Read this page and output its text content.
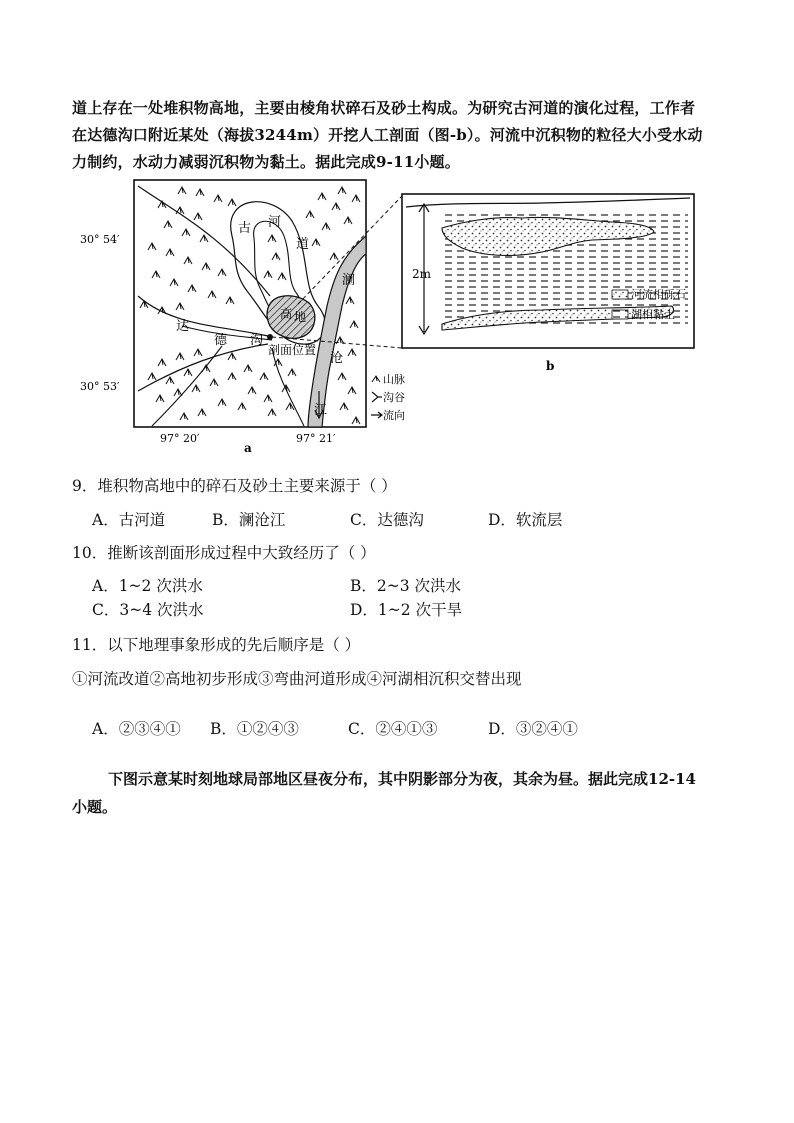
道上存在一处堆积物高地，主要由棱角状碎石及砂土构成。为研究古河道的演化过程，工作者

在达德沟口附近某处（海拔3244m）开挖人工剖面（图-b）。河流中沉积物的粒径大小受水动

力制约，水动力减弱沉积物为黏土。据此完成9-11小题。

30° 54′
30° 53′
97° 20′	97° 21′
a
高 地
剖面位置
河
古
道
达
德 沟
澜
沧
江
山脉
沟谷
流向
2m
河流相砾石
湖相黏土
b
9．堆积物高地中的碎石及砂土主要来源于（ ）
A．古河道	B．澜沧江	C．达德沟	D．软流层
10．推断该剖面形成过程中大致经历了（ ）
A．1~2 次洪水	B．2~3 次洪水
C．3~4 次洪水	D．1~2 次干旱
11．以下地理事象形成的先后顺序是（ ）
①河流改道②高地初步形成③弯曲河道形成④河湖相沉积交替出现
A．②③④① B．①②④③	C．②④①③	D．③②④①
下图示意某时刻地球局部地区昼夜分布，其中阴影部分为夜，其余为昼。据此完成12-14
小题。
